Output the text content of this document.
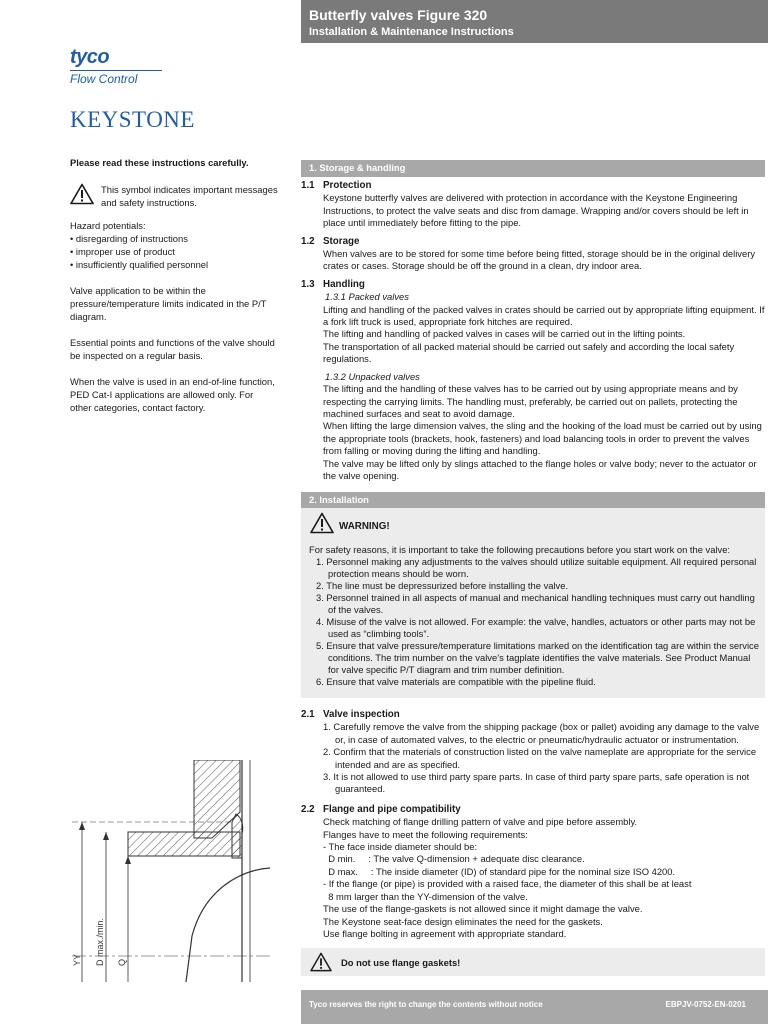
Butterfly valves Figure 320
Installation & Maintenance Instructions
tyco
Flow Control
KEYSTONE
Please read these instructions carefully.
This symbol indicates important messages and safety instructions.
Hazard potentials:
• disregarding of instructions
• improper use of product
• insufficiently qualified personnel

Valve application to be within the pressure/temperature limits indicated in the P/T diagram.

Essential points and functions of the valve should be inspected on a regular basis.

When the valve is used in an end-of-line function, PED Cat-I applications are allowed only. For other categories, contact factory.

1. Storage & handling
1.1 Protection
Keystone butterfly valves are delivered with protection in accordance with the Keystone Engineering Instructions, to protect the valve seats and disc from damage. Wrapping and/or covers should be left in place until immediately before fitting to the pipe.
1.2 Storage
When valves are to be stored for some time before being fitted, storage should be in the original delivery crates or cases. Storage should be off the ground in a clean, dry indoor area.
1.3 Handling
1.3.1 Packed valves
Lifting and handling of the packed valves in crates should be carried out by appropriate lifting equipment. If a fork lift truck is used, appropriate fork hitches are required.
The lifting and handling of packed valves in cases will be carried out in the lifting points.
The transportation of all packed material should be carried out safely and according the local safety regulations.
1.3.2 Unpacked valves
The lifting and the handling of these valves has to be carried out by using appropriate means and by respecting the carrying limits. The handling must, preferably, be carried out on pallets, protecting the machined surfaces and seat to avoid damage.
When lifting the large dimension valves, the sling and the hooking of the load must be carried out by using the appropriate tools (brackets, hook, fasteners) and load balancing tools in order to prevent the valves from falling or moving during the lifting and handling.
The valve may be lifted only by slings attached to the flange holes or valve body; never to the actuator or the valve opening.
2. Installation
WARNING!
For safety reasons, it is important to take the following precautions before you start work on the valve:
1. Personnel making any adjustments to the valves should utilize suitable equipment. All required personal protection means should be worn.
2. The line must be depressurized before installing the valve.
3. Personnel trained in all aspects of manual and mechanical handling techniques must carry out handling of the valves.
4. Misuse of the valve is not allowed. For example: the valve, handles, actuators or other parts may not be used as “climbing tools”.
5. Ensure that valve pressure/temperature limitations marked on the identification tag are within the service conditions. The trim number on the valve’s tagplate identifies the valve materials. See Product Manual for valve specific P/T diagram and trim number definition.
6. Ensure that valve materials are compatible with the pipeline fluid.
2.1 Valve inspection
1. Carefully remove the valve from the shipping package (box or pallet) avoiding any damage to the valve or, in case of automated valves, to the electric or pneumatic/hydraulic actuator or instrumentation.
2. Confirm that the materials of construction listed on the valve nameplate are appropriate for the service intended and are as specified.
3. It is not allowed to use third party spare parts. In case of third party spare parts, safe operation is not guaranteed.
2.2 Flange and pipe compatibility
Check matching of flange drilling pattern of valve and pipe before assembly.
Flanges have to meet the following requirements:
- The face inside diameter should be:
D min.     : The valve Q-dimension + adequate disc clearance.
D max.     : The inside diameter (ID) of standard pipe for the nominal size ISO 4200.
- If the flange (or pipe) is provided with a raised face, the diameter of this shall be at least
8 mm larger than the YY-dimension of the valve.
The use of the flange-gaskets is not allowed since it might damage the valve.
The Keystone seat-face design eliminates the need for the gaskets.
Use flange bolting in agreement with appropriate standard.
Do not use flange gaskets!
YY D max./min. Q
Tyco reserves the right to change the contents without notice	EBPJV-0752-EN-0201
